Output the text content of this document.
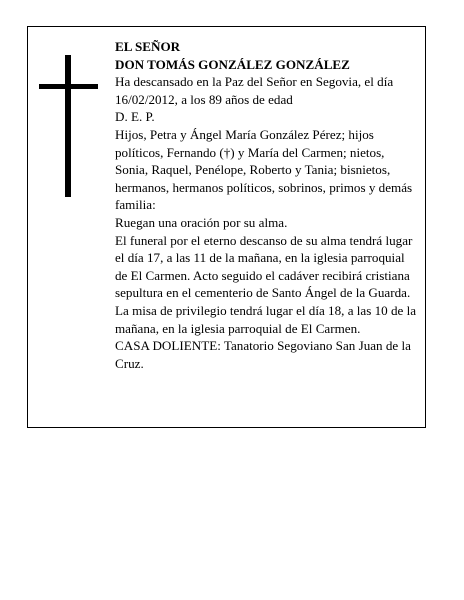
EL SEÑOR

DON TOMÁS GONZÁLEZ GONZÁLEZ

Ha descansado en la Paz del Señor en Segovia, el día 16/02/2012, a los 89 años de edad

D. E. P.

Hijos, Petra y Ángel María González Pérez; hijos políticos, Fernando (†) y María del Carmen; nietos, Sonia, Raquel, Penélope, Roberto y Tania; bisnietos, hermanos, hermanos políticos, sobrinos, primos y demás familia:

Ruegan una oración por su alma.

El funeral por el eterno descanso de su alma tendrá lugar el día 17, a las 11 de la mañana, en la iglesia parroquial de El Carmen. Acto seguido el cadáver recibirá cristiana sepultura en el cementerio de Santo Ángel de la Guarda. La misa de privilegio tendrá lugar el día 18, a las 10 de la mañana, en la iglesia parroquial de El Carmen.

CASA DOLIENTE: Tanatorio Segoviano San Juan de la Cruz.
